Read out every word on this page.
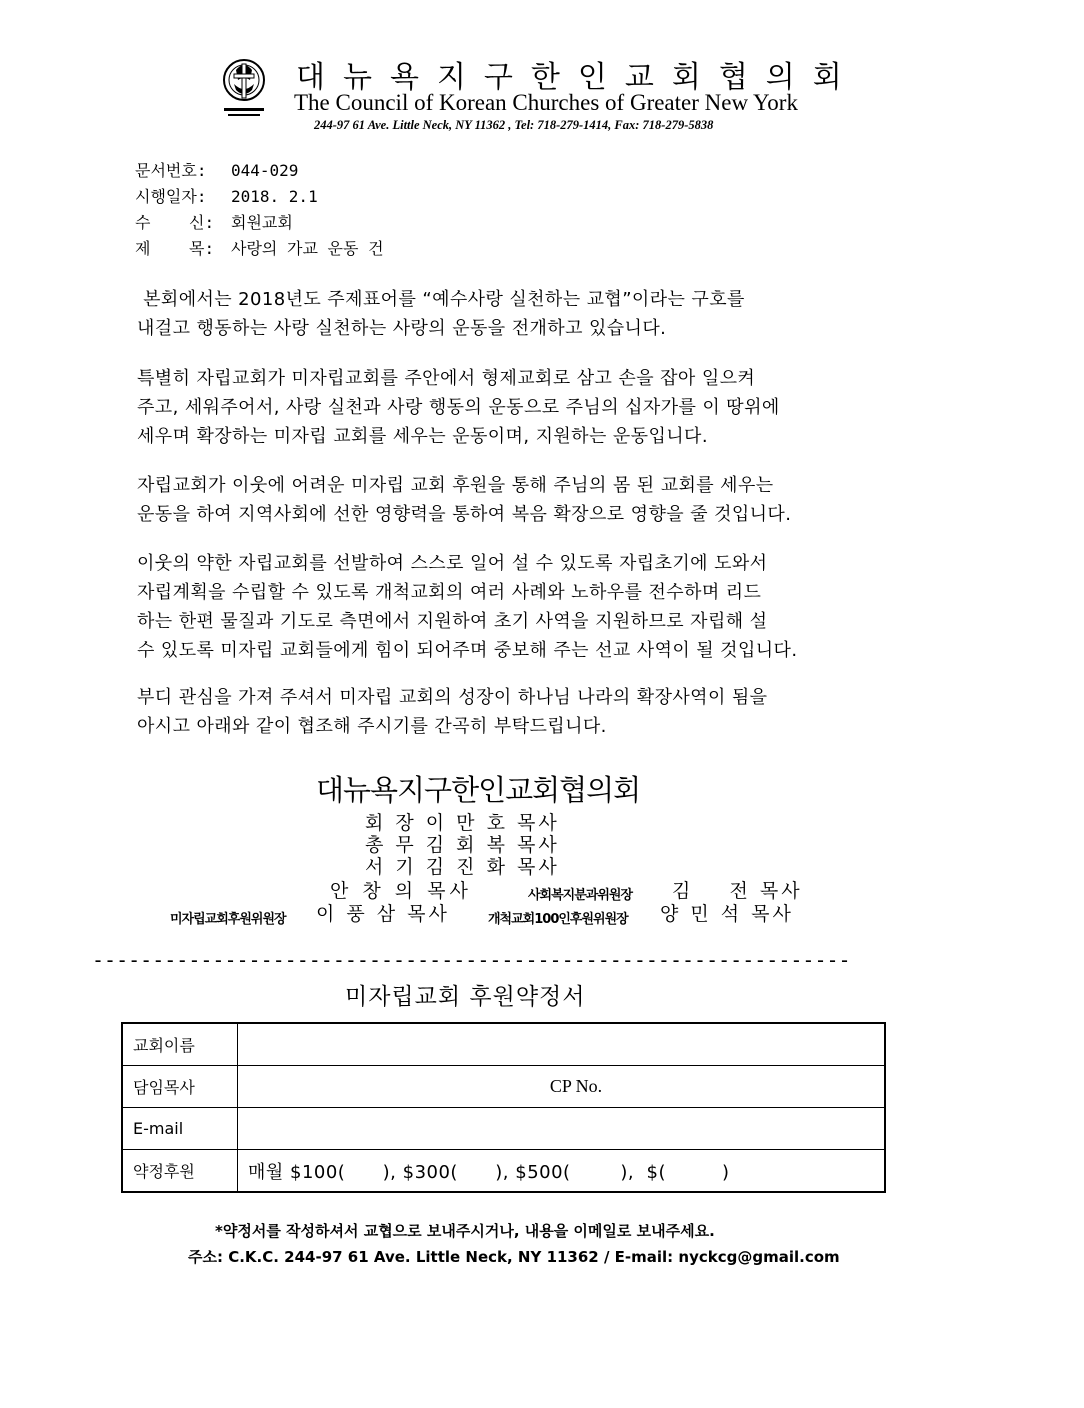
대뉴욕지구한인교회협의회
The Council of Korean Churches of Greater New York
244-97 61 Ave. Little Neck, NY 11362 , Tel: 718-279-1414, Fax: 718-279-5838
문서번호: 044-029
시행일자: 2018. 2.1
수    신: 회원교회
제    목: 사랑의 가교 운동 건
본회에서는 2018년도 주제표어를 “예수사랑 실천하는 교협”이라는 구호를
내걸고 행동하는 사랑 실천하는 사랑의 운동을 전개하고 있습니다.
특별히 자립교회가 미자립교회를 주안에서 형제교회로 삼고 손을 잡아 일으켜
주고, 세워주어서, 사랑 실천과 사랑 행동의 운동으로 주님의 십자가를 이 땅위에
세우며 확장하는 미자립 교회를 세우는 운동이며, 지원하는 운동입니다.
자립교회가 이웃에 어려운 미자립 교회 후원을 통해 주님의 몸 된 교회를 세우는
운동을 하여 지역사회에 선한 영향력을 통하여 복음 확장으로 영향을 줄 것입니다.
이웃의 약한 자립교회를 선발하여 스스로 일어 설 수 있도록 자립초기에 도와서
자립계획을 수립할 수 있도록 개척교회의 여러 사례와 노하우를 전수하며 리드
하는 한편 물질과 기도로 측면에서 지원하여 초기 사역을 지원하므로 자립해 설
수 있도록 미자립 교회들에게 힘이 되어주며 중보해 주는 선교 사역이 될 것입니다.
부디 관심을 가져 주셔서 미자립 교회의 성장이 하나님 나라의 확장사역이 됨을
아시고 아래와 같이 협조해 주시기를 간곡히 부탁드립니다.
대뉴욕지구한인교회협의회
회 장 이 만 호 목사
총 무 김 회 복 목사
서 기 김 진 화 목사
안 창 의 목사	사회복지분과위원장 김    전 목사
미자립교회후원위원장 이 풍 삼 목사	개척교회100인후원위원장 양 민 석 목사
---------------------------------------------------------------
미자립교회 후원약정서
교회이름	
담임목사	CP No.
E-mail	
약정후원	매월 $100(      ), $300(      ), $500(        ),  $(         )
*약정서를 작성하셔서 교협으로 보내주시거나, 내용을 이메일로 보내주세요.
주소: C.K.C. 244-97 61 Ave. Little Neck, NY 11362 / E-mail: nyckcg@gmail.com
